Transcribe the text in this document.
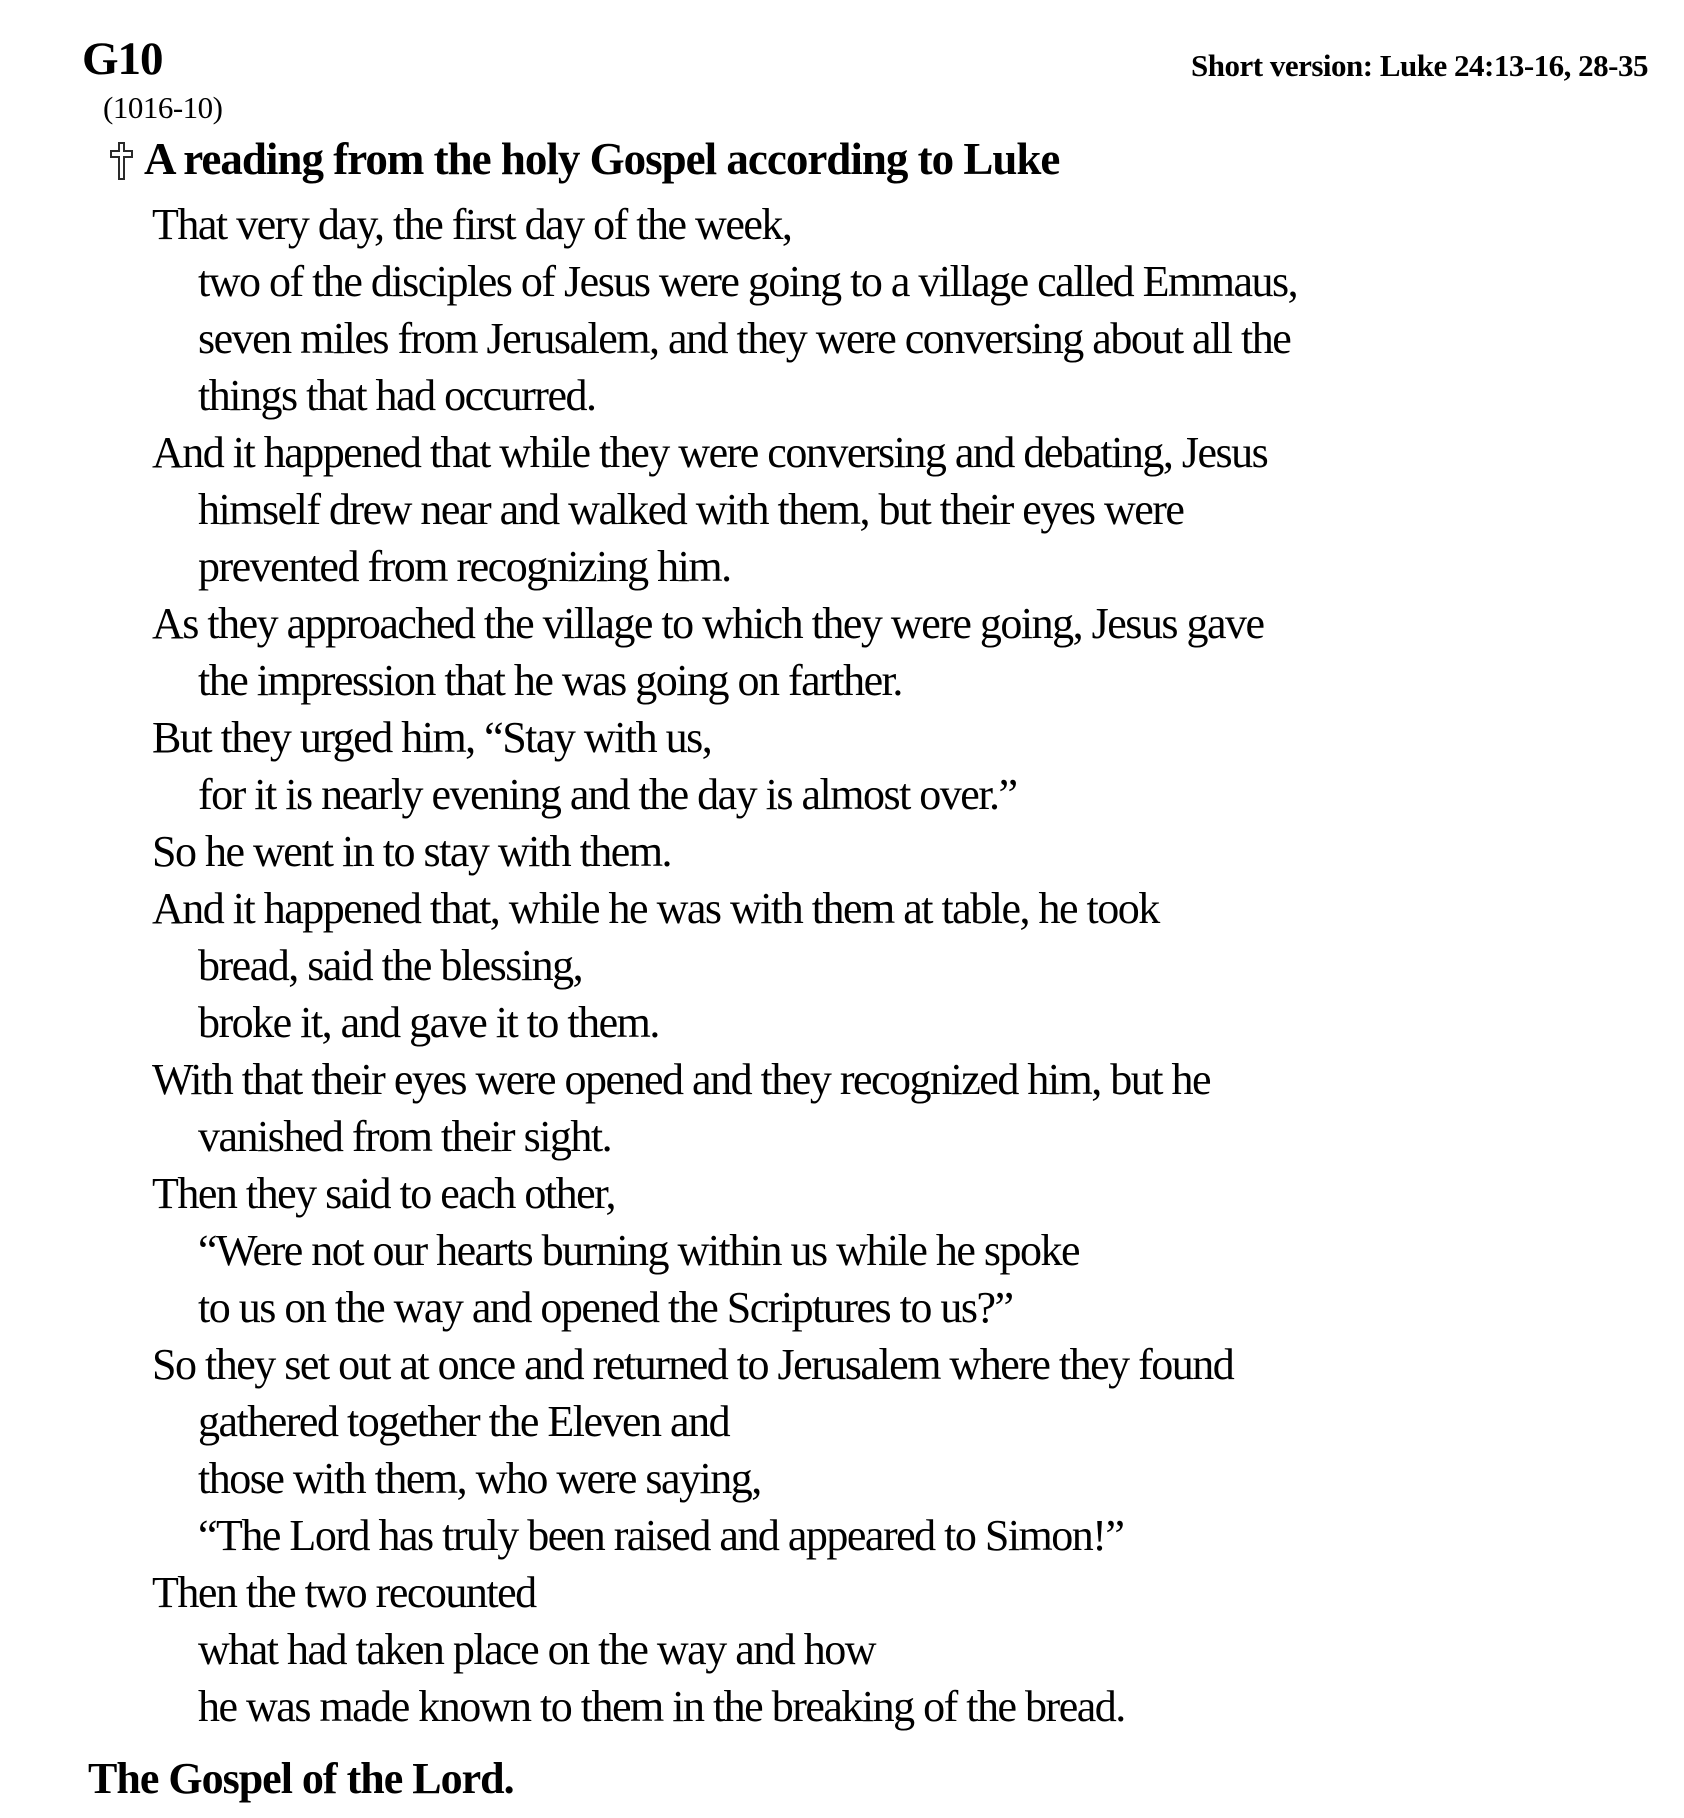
G10
(1016-10)
Short version: Luke 24:13-16, 28-35
A reading from the holy Gospel according to Luke
That very day, the first day of the week,
two of the disciples of Jesus were going to a village called Emmaus,
seven miles from Jerusalem, and they were conversing about all the
things that had occurred.
And it happened that while they were conversing and debating, Jesus
himself drew near and walked with them, but their eyes were
prevented from recognizing him.
As they approached the village to which they were going, Jesus gave
the impression that he was going on farther.
But they urged him, “Stay with us,
for it is nearly evening and the day is almost over.”
So he went in to stay with them.
And it happened that, while he was with them at table, he took
bread, said the blessing,
broke it, and gave it to them.
With that their eyes were opened and they recognized him, but he
vanished from their sight.
Then they said to each other,
“Were not our hearts burning within us while he spoke
to us on the way and opened the Scriptures to us?”
So they set out at once and returned to Jerusalem where they found
gathered together the Eleven and
those with them, who were saying,
“The Lord has truly been raised and appeared to Simon!”
Then the two recounted
what had taken place on the way and how
he was made known to them in the breaking of the bread.
The Gospel of the Lord.
